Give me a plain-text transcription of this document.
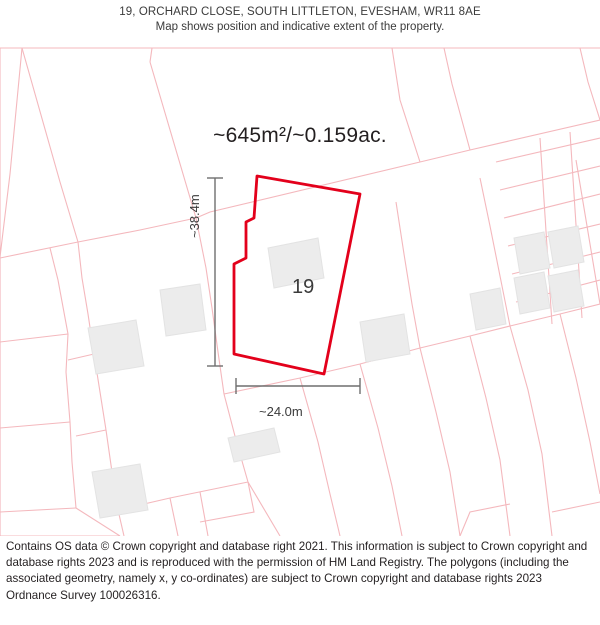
19, ORCHARD CLOSE, SOUTH LITTLETON, EVESHAM, WR11 8AE
Map shows position and indicative extent of the property.
~645m²/~0.159ac.
19
~24.0m

Contains OS data © Crown copyright and database right 2021. This information is subject to Crown copyright and database rights 2023 and is reproduced with the permission of HM Land Registry. The polygons (including the associated geometry, namely x, y co-ordinates) are subject to Crown copyright and database rights 2023 Ordnance Survey 100026316.
